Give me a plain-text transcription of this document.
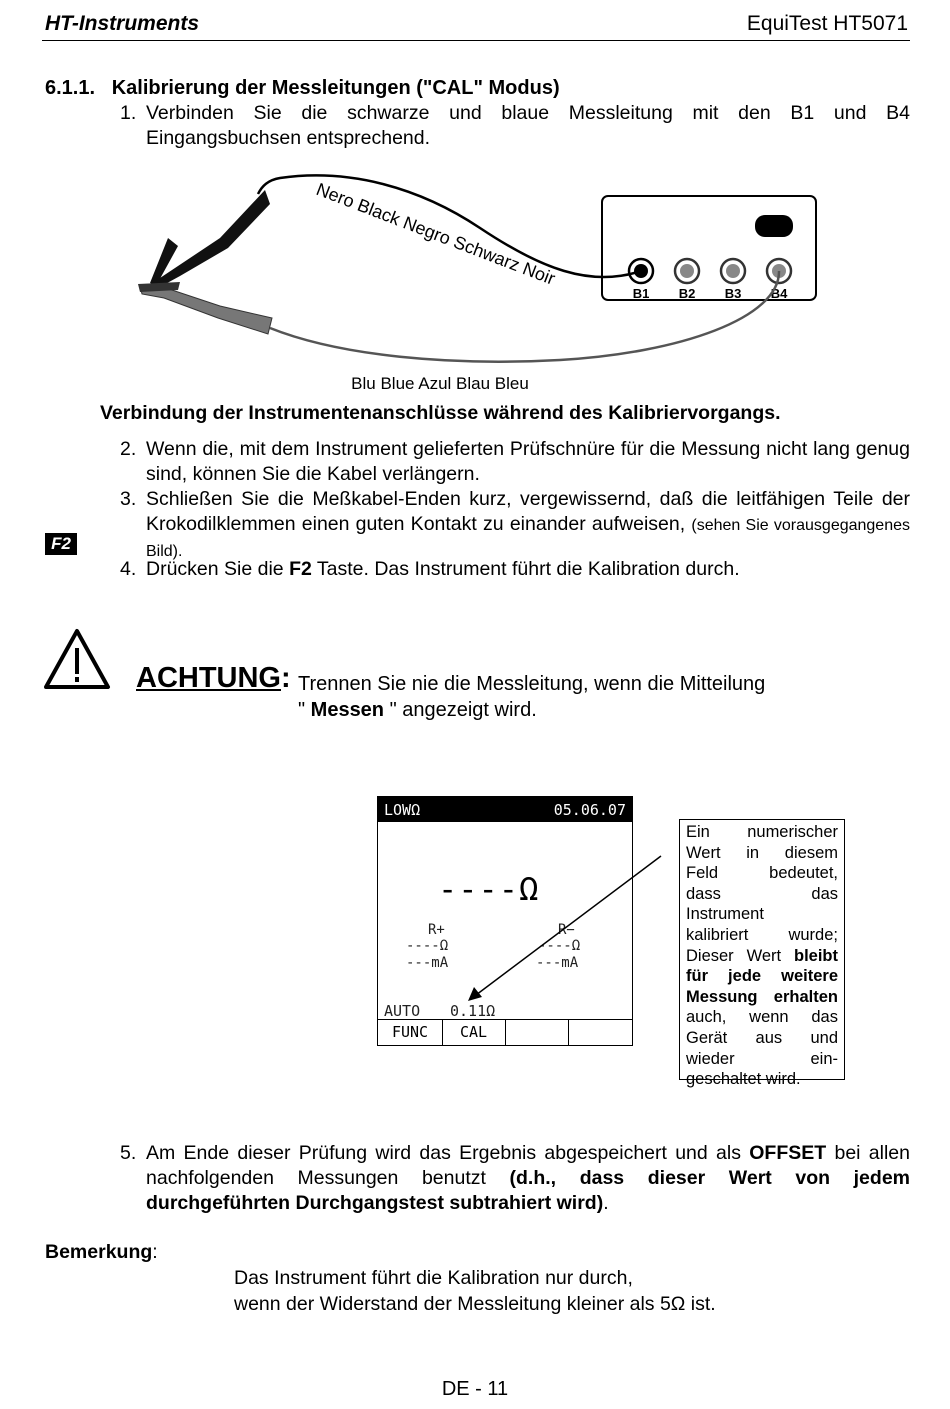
HT-Instruments	EquiTest HT5071
6.1.1. Kalibrierung der Messleitungen ("CAL" Modus)
1. Verbinden Sie die schwarze und blaue Messleitung mit den B1 und B4 Eingangsbuchsen entsprechend.
B1 B2 B3 B4
Nero Black Negro Schwarz Noir
Blu Blue Azul Blau Bleu
Verbindung der Instrumentenanschlüsse während des Kalibriervorgangs.
2. Wenn die, mit dem Instrument gelieferten Prüfschnüre für die Messung nicht lang genug sind, können Sie die Kabel verlängern.
3. Schließen Sie die Meßkabel-Enden kurz, vergewissernd, daß die leitfähigen Teile der Krokodilklemmen einen guten Kontakt zu einander aufweisen, (sehen Sie vorausgegangenes Bild).
F2
4. Drücken Sie die F2 Taste. Das Instrument führt die Kalibration durch.
ACHTUNG: Trennen Sie nie die Messleitung, wenn die Mitteilung
" Messen " angezeigt wird.
LOWΩ	05.06.07
----Ω
R+	R−
----Ω	----Ω
---mA	---mA
AUTO 0.11Ω
FUNC	CAL
Ein numerischer
Wert in diesem
Feld bedeutet,
dass das
Instrument
kalibriert wurde;
Dieser Wert bleibt
für jede weitere
Messung erhalten
auch, wenn das
Gerät aus und
wieder ein-
geschaltet wird.
5. Am Ende dieser Prüfung wird das Ergebnis abgespeichert und als OFFSET bei allen nachfolgenden Messungen benutzt (d.h., dass dieser Wert von jedem durchgeführten Durchgangstest subtrahiert wird).
Bemerkung:
Das Instrument führt die Kalibration nur durch,
wenn der Widerstand der Messleitung kleiner als 5Ω ist.
DE - 11
